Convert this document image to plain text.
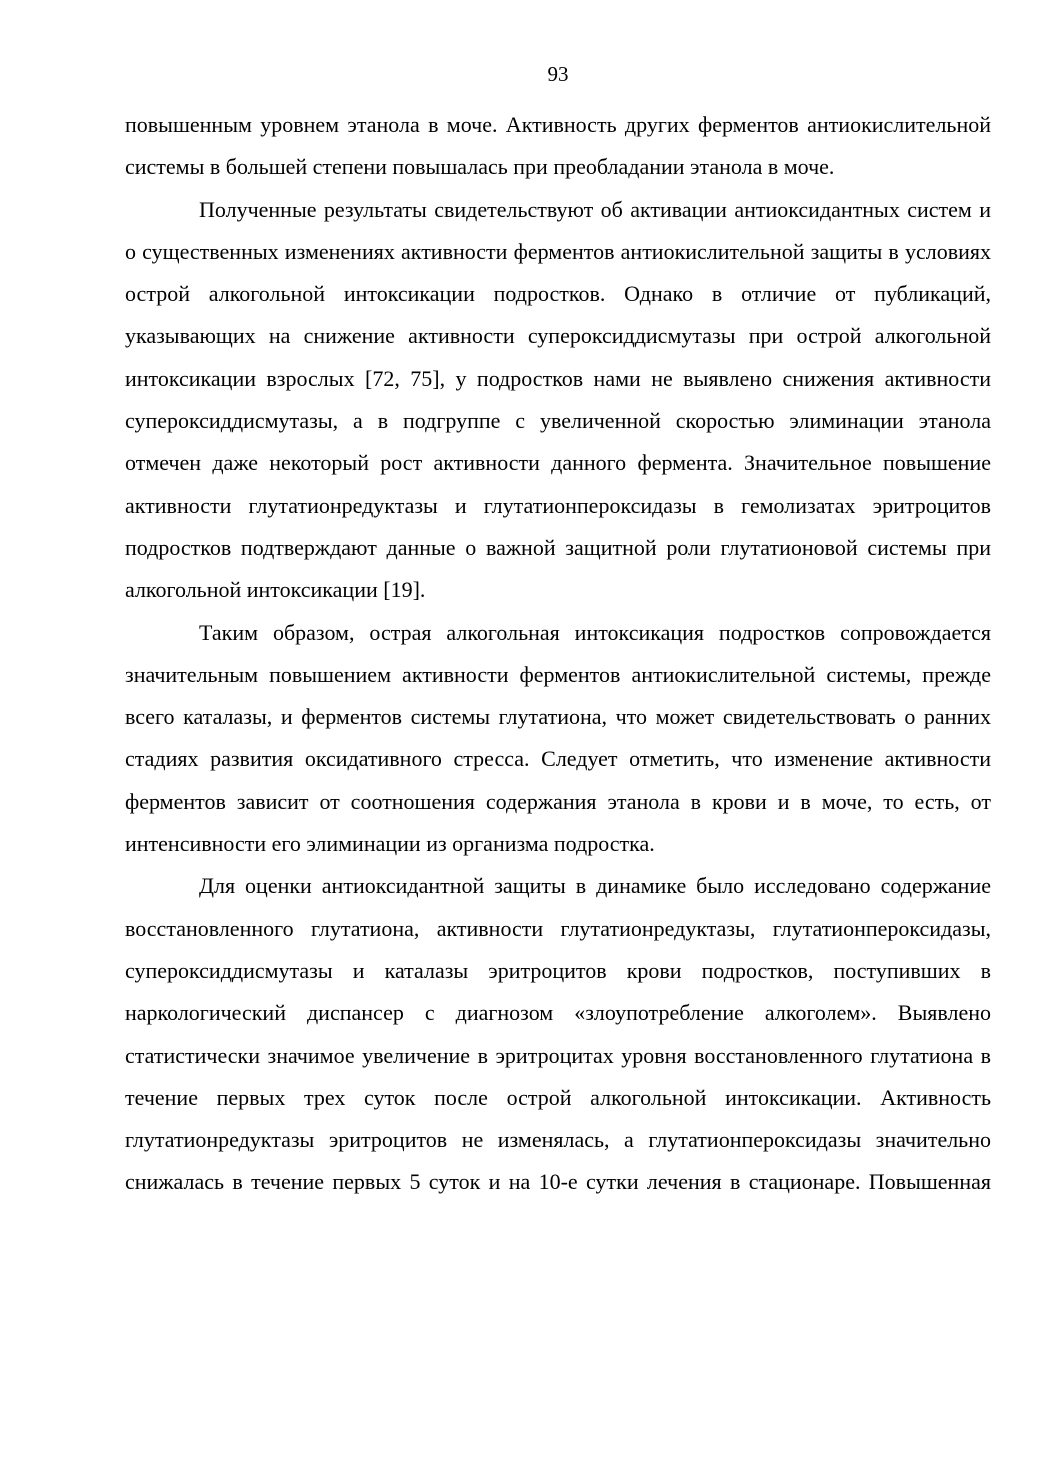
93

повышенным уровнем этанола в моче. Активность других ферментов антиокислительной системы в большей степени повышалась при преобладании этанола в моче.

Полученные результаты свидетельствуют об активации антиоксидантных систем и о существенных изменениях активности ферментов антиокислительной защиты в условиях острой алкогольной интоксикации подростков. Однако в отличие от публикаций, указывающих на снижение активности супероксиддисмутазы при острой алкогольной интоксикации взрослых [72, 75], у подростков нами не выявлено снижения активности супероксиддисмутазы, а в подгруппе с увеличенной скоростью элиминации этанола отмечен даже некоторый рост активности данного фермента. Значительное повышение активности глутатионредуктазы и глутатионпероксидазы в гемолизатах эритроцитов подростков подтверждают данные о важной защитной роли глутатионовой системы при алкогольной интоксикации [19].

Таким образом, острая алкогольная интоксикация подростков сопровождается значительным повышением активности ферментов антиокислительной системы, прежде всего каталазы, и ферментов системы глутатиона, что может свидетельствовать о ранних стадиях развития оксидативного стресса. Следует отметить, что изменение активности ферментов зависит от соотношения содержания этанола в крови и в моче, то есть, от интенсивности его элиминации из организма подростка.

Для оценки антиоксидантной защиты в динамике было исследовано содержание восстановленного глутатиона, активности глутатионредуктазы, глутатионпероксидазы, супероксиддисмутазы и каталазы эритроцитов крови подростков, поступивших в наркологический диспансер с диагнозом «злоупотребление алкоголем». Выявлено статистически значимое увеличение в эритроцитах уровня восстановленного глутатиона в течение первых трех суток после острой алкогольной интоксикации. Активность глутатионредуктазы эритроцитов не изменялась, а глутатионпероксидазы значительно снижалась в течение первых 5 суток и на 10-е сутки лечения в стационаре. Повышенная
